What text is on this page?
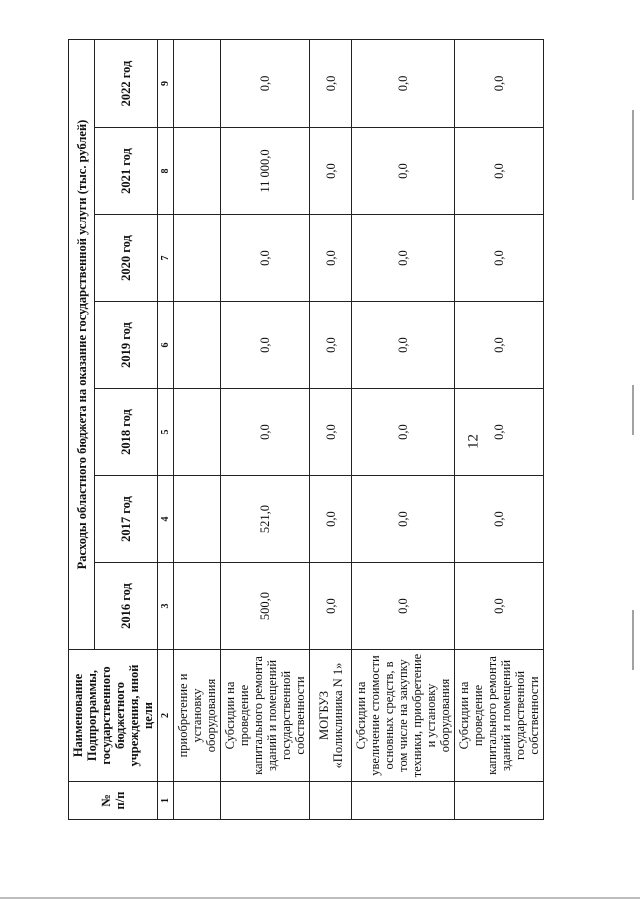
12
№
п/п	Наименование Подпрограммы, государственного бюджетного учреждения, иной цели	Расходы областного бюджета на оказание государственной услуги (тыс. рублей)						
		2016 год	2017 год	2018 год	2019 год	2020 год	2021 год	2022 год
1	2	3	4	5	6	7	8	9
	приобретение и установку оборудования							
	Субсидии на проведение капитального ремонта зданий и помещений государственной собственности	500,0	521,0	0,0	0,0	0,0	11 000,0	0,0
	МОГБУЗ «Поликлиника N 1»	0,0	0,0	0,0	0,0	0,0	0,0	0,0
	Субсидии на увеличение стоимости основных средств, в том числе на закупку техники, приобретение и установку оборудования	0,0	0,0	0,0	0,0	0,0	0,0	0,0
	Субсидии на проведение капитального ремонта зданий и помещений государственной собственности	0,0	0,0	0,0	0,0	0,0	0,0	0,0
